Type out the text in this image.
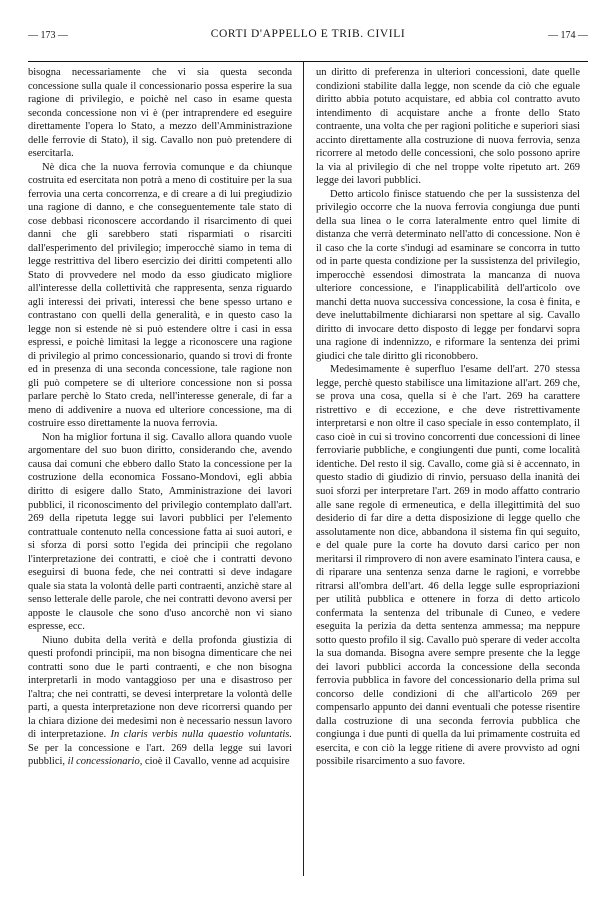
— 173 —	CORTI D'APPELLO E TRIB. CIVILI	— 174 —

bisogna necessariamente che vi sia questa seconda concessione sulla quale il concessionario possa esperire la sua ragione di privilegio, e poichè nel caso in esame questa seconda concessione non vi è (per intraprendere ed eseguire direttamente l'opera lo Stato, a mezzo dell'Amministrazione delle ferrovie di Stato), il sig. Cavallo non può pretendere di esercitarla.

Nè dica che la nuova ferrovia comunque e da chiunque costruita ed esercitata non potrà a meno di costituire per la sua ferrovia una certa concorrenza, e di creare a di lui pregiudizio una ragione di danno, e che conseguentemente tale stato di cose debbasi riconoscere accordando il risarcimento di quei danni che gli sarebbero stati risparmiati o risarciti dall'esperimento del privilegio; imperocchè siamo in tema di legge restrittiva del libero esercizio dei diritti competenti allo Stato di provvedere nel modo da esso giudicato migliore all'interesse della collettività che rappresenta, senza riguardo agli interessi dei privati, interessi che bene spesso urtano e contrastano con quelli della generalità, e in questo caso la legge non si estende nè si può estendere oltre i casi in essa espressi, e poichè limitasi la legge a riconoscere una ragione di privilegio al primo concessionario, quando si trovi di fronte ed in presenza di una seconda concessione, tale ragione non gli può competere se di ulteriore concessione non si possa parlare perchè lo Stato creda, nell'interesse generale, di far a meno di addivenire a nuova ed ulteriore concessione, ma di costruire esso direttamente la nuova ferrovia.

Non ha miglior fortuna il sig. Cavallo allora quando vuole argomentare del suo buon diritto, considerando che, avendo causa dai comuni che ebbero dallo Stato la concessione per la costruzione della economica Fossano-Mondovì, egli abbia diritto di esigere dallo Stato, Amministrazione dei lavori pubblici, il riconoscimento del privilegio contemplato dall'art. 269 della ripetuta legge sui lavori pubblici per l'elemento contrattuale contenuto nella concessione fatta ai suoi autori, e si sforza di porsi sotto l'egida dei principii che regolano l'interpretazione dei contratti, e cioè che i contratti devono eseguirsi di buona fede, che nei contratti si deve indagare quale sia stata la volontà delle parti contraenti, anzichè stare al senso letterale delle parole, che nei contratti devono aversi per apposte le clausole che sono d'uso ancorchè non vi siano espresse, ecc.

Niuno dubita della verità e della profonda giustizia di questi profondi principii, ma non bisogna dimenticare che nei contratti sono due le parti contraenti, e che non bisogna interpretarli in modo vantaggioso per una e disastroso per l'altra; che nei contratti, se devesi interpretare la volontà delle parti, a questa interpretazione non deve ricorrersi quando per la chiara dizione dei medesimi non è necessario nessun lavoro di interpretazione. In claris verbis nulla quaestio voluntatis. Se per la concessione e l'art. 269 della legge sui lavori pubblici, il concessionario, cioè il Cavallo, venne ad acquisire

un diritto di preferenza in ulteriori concessioni, date quelle condizioni stabilite dalla legge, non scende da ciò che eguale diritto abbia potuto acquistare, ed abbia col contratto avuto intendimento di acquistare anche a fronte dello Stato contraente, una volta che per ragioni politiche e superiori siasi accinto direttamente alla costruzione di nuova ferrovia, senza ricorrere al metodo delle concessioni, che solo possono aprire la via al privilegio di che nel troppe volte ripetuto art. 269 legge dei lavori pubblici.

Detto articolo finisce statuendo che per la sussistenza del privilegio occorre che la nuova ferrovia congiunga due punti della sua linea o le corra lateralmente entro quel limite di distanza che verrà determinato nell'atto di concessione. Non è il caso che la corte s'indugi ad esaminare se concorra in tutto od in parte questa condizione per la sussistenza del privilegio, imperocchè essendosi dimostrata la mancanza di nuova ulteriore concessione, e l'inapplicabilità dell'articolo ove manchi detta nuova successiva concessione, la cosa è finita, e deve ineluttabilmente dichiararsi non spettare al sig. Cavallo diritto di invocare detto disposto di legge per fondarvi sopra una ragione di indennizzo, e riformare la sentenza dei primi giudici che tale diritto gli riconobbero.

Medesimamente è superfluo l'esame dell'art. 270 stessa legge, perchè questo stabilisce una limitazione all'art. 269 che, se prova una cosa, quella si è che l'art. 269 ha carattere ristrettivo e di eccezione, e che deve ristrettivamente interpretarsi e non oltre il caso speciale in esso contemplato, il caso cioè in cui si trovino concorrenti due concessioni di linee ferroviarie pubbliche, e congiungenti due punti, come località identiche. Del resto il sig. Cavallo, come già si è accennato, in questo stadio di giudizio di rinvio, persuaso della inanità dei suoi sforzi per interpretare l'art. 269 in modo affatto contrario alle sane regole di ermeneutica, e della illegittimità del suo desiderio di far dire a detta disposizione di legge quello che assolutamente non dice, abbandona il sistema fin qui seguito, e del quale pure la corte ha dovuto darsi carico per non meritarsi il rimprovero di non avere esaminato l'intera causa, e di riparare una sentenza senza darne le ragioni, e vorrebbe ritrarsi all'ombra dell'art. 46 della legge sulle espropriazioni per utilità pubblica e ottenere in forza di detto articolo confermata la sentenza del tribunale di Cuneo, e vedere eseguita la perizia da detta sentenza ammessa; ma neppure sotto questo profilo il sig. Cavallo può sperare di veder accolta la sua domanda. Bisogna avere sempre presente che la legge dei lavori pubblici accorda la concessione della seconda ferrovia pubblica in favore del concessionario della prima sul concorso delle condizioni di che all'articolo 269 per compensarlo appunto dei danni eventuali che potesse risentire dalla costruzione di una seconda ferrovia pubblica che congiunga i due punti di quella da lui primamente costruita ed esercita, e con ciò la legge ritiene di avere provvisto ad ogni possibile risarcimento a suo favore.
